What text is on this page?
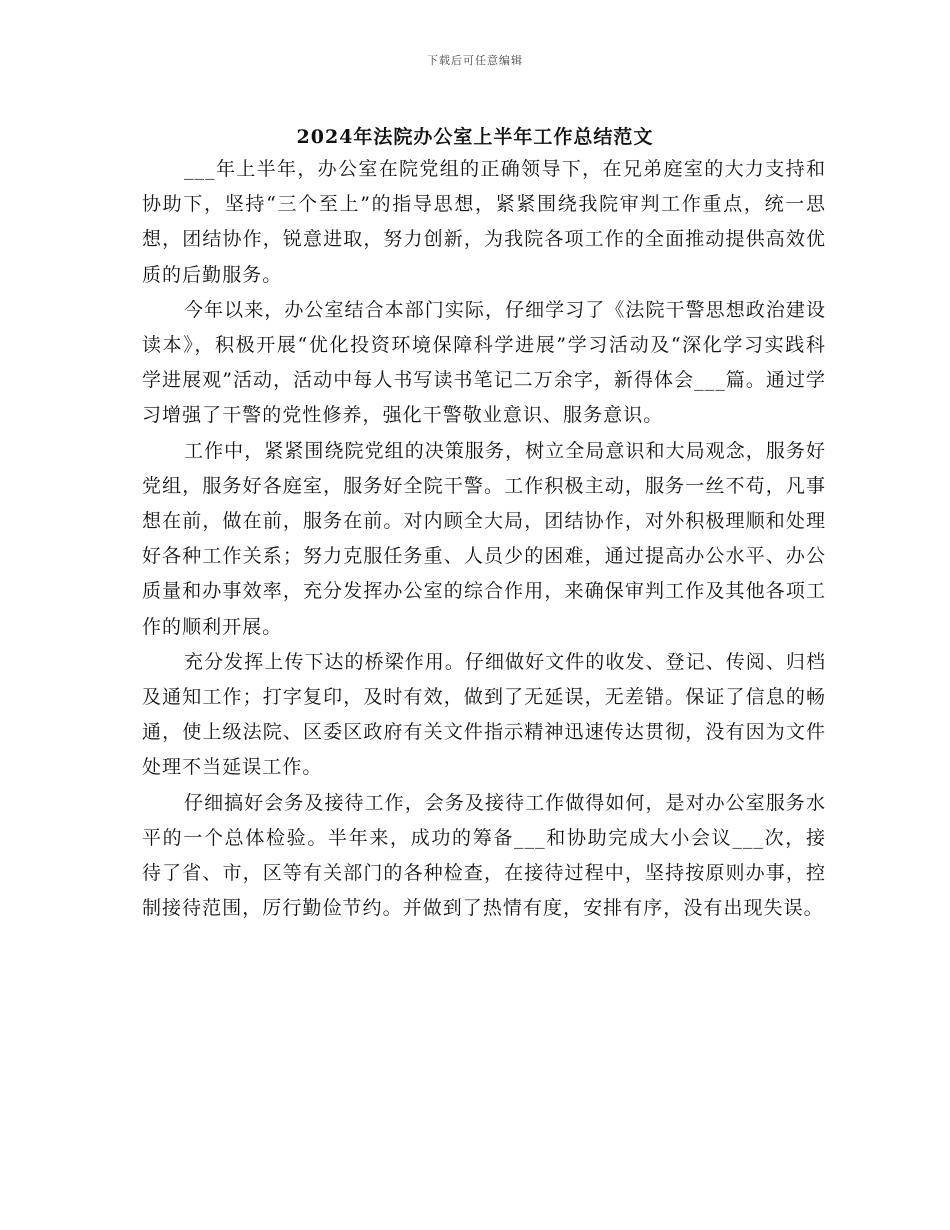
下载后可任意编辑
2024年法院办公室上半年工作总结范文

___年上半年，办公室在院党组的正确领导下，在兄弟庭室的大力支持和协助下，坚持“三个至上”的指导思想，紧紧围绕我院审判工作重点，统一思想，团结协作，锐意进取，努力创新，为我院各项工作的全面推动提供高效优质的后勤服务。

今年以来，办公室结合本部门实际，仔细学习了《法院干警思想政治建设读本》，积极开展“优化投资环境保障科学进展”学习活动及“深化学习实践科学进展观”活动，活动中每人书写读书笔记二万余字，新得体会___篇。通过学习增强了干警的党性修养，强化干警敬业意识、服务意识。

工作中，紧紧围绕院党组的决策服务，树立全局意识和大局观念，服务好党组，服务好各庭室，服务好全院干警。工作积极主动，服务一丝不苟，凡事想在前，做在前，服务在前。对内顾全大局，团结协作，对外积极理顺和处理好各种工作关系；努力克服任务重、人员少的困难，通过提高办公水平、办公质量和办事效率，充分发挥办公室的综合作用，来确保审判工作及其他各项工作的顺利开展。

充分发挥上传下达的桥梁作用。仔细做好文件的收发、登记、传阅、归档及通知工作；打字复印，及时有效，做到了无延误，无差错。保证了信息的畅通，使上级法院、区委区政府有关文件指示精神迅速传达贯彻，没有因为文件处理不当延误工作。

仔细搞好会务及接待工作，会务及接待工作做得如何，是对办公室服务水平的一个总体检验。半年来，成功的筹备___和协助完成大小会议___次，接待了省、市，区等有关部门的各种检查，在接待过程中，坚持按原则办事，控制接待范围，厉行勤俭节约。并做到了热情有度，安排有序，没有出现失误。
